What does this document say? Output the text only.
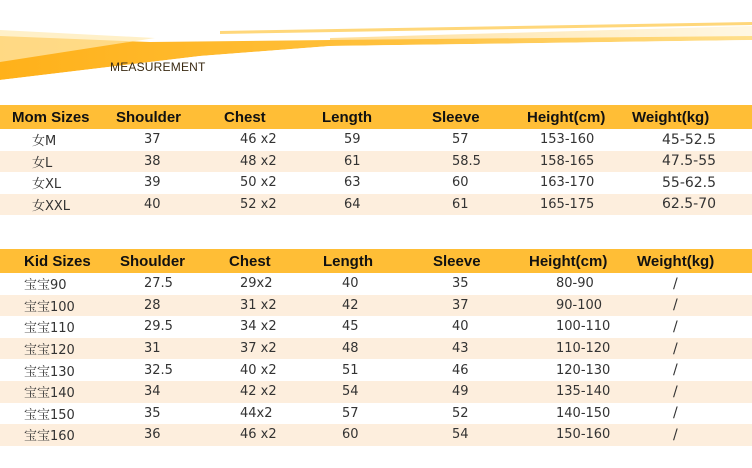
MEASUREMENT
Mom Sizes	Shoulder	Chest	Length	Sleeve	Height(cm)	Weight(kg)
女M	37	46 x2	59	57	153-160	45-52.5
女L	38	48 x2	61	58.5	158-165	47.5-55
女XL	39	50 x2	63	60	163-170	55-62.5
女XXL	40	52 x2	64	61	165-175	62.5-70
Kid Sizes	Shoulder	Chest	Length	Sleeve	Height(cm)	Weight(kg)
宝宝90	27.5	29x2	40	35	80-90	/
宝宝100	28	31 x2	42	37	90-100	/
宝宝110	29.5	34 x2	45	40	100-110	/
宝宝120	31	37 x2	48	43	110-120	/
宝宝130	32.5	40 x2	51	46	120-130	/
宝宝140	34	42 x2	54	49	135-140	/
宝宝150	35	44x2	57	52	140-150	/
宝宝160	36	46 x2	60	54	150-160	/
